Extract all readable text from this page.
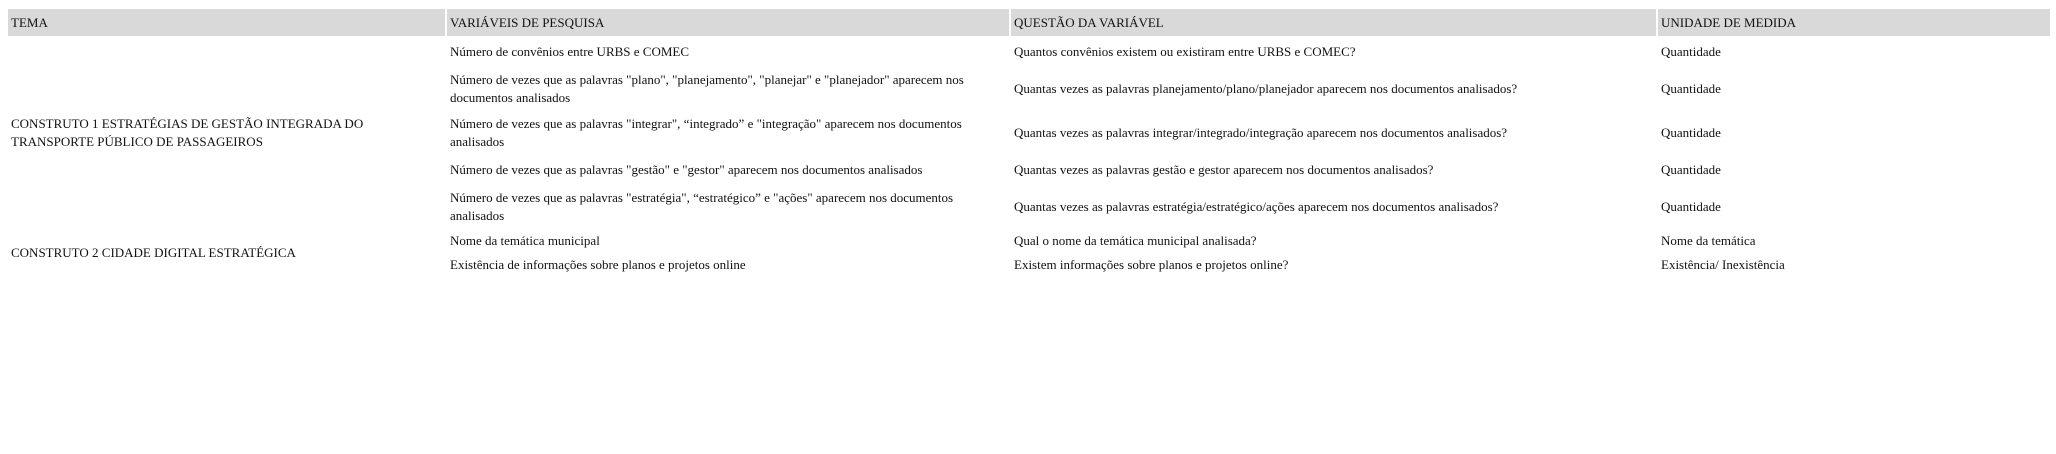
TEMA	VARIÁVEIS DE PESQUISA	QUESTÃO DA VARIÁVEL	UNIDADE DE MEDIDA
CONSTRUTO 1 ESTRATÉGIAS DE GESTÃO INTEGRADA DO TRANSPORTE PÚBLICO DE PASSAGEIROS	Número de convênios entre URBS e COMEC	Quantos convênios existem ou existiram entre URBS e COMEC?	Quantidade
	Número de vezes que as palavras "plano", "planejamento", "planejar" e "planejador" aparecem nos documentos analisados	Quantas vezes as palavras planejamento/plano/planejador aparecem nos documentos analisados?	Quantidade
	Número de vezes que as palavras "integrar", “integrado” e "integração" aparecem nos documentos analisados	Quantas vezes as palavras integrar/integrado/integração aparecem nos documentos analisados?	Quantidade
	Número de vezes que as palavras "gestão" e "gestor" aparecem nos documentos analisados	Quantas vezes as palavras gestão e gestor aparecem nos documentos analisados?	Quantidade
	Número de vezes que as palavras "estratégia", “estratégico” e "ações" aparecem nos documentos analisados	Quantas vezes as palavras estratégia/estratégico/ações aparecem nos documentos analisados?	Quantidade
CONSTRUTO 2 CIDADE DIGITAL ESTRATÉGICA	Nome da temática municipal	Qual o nome da temática municipal analisada?	Nome da temática
	Existência de informações sobre planos e projetos online	Existem informações sobre planos e projetos online?	Existência/ Inexistência
